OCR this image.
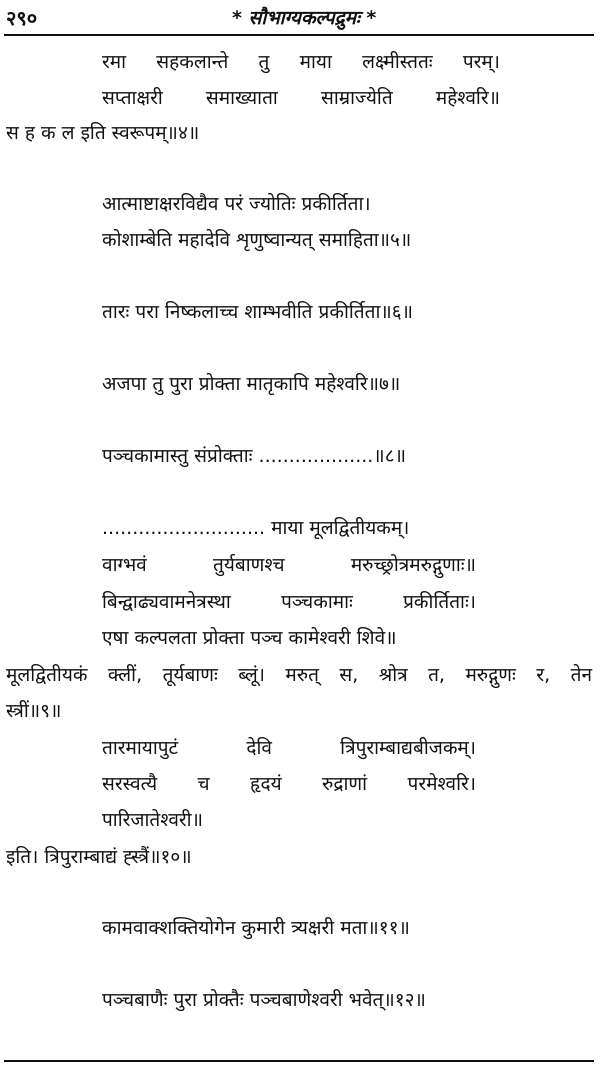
२९०	* सौभाग्यकल्पद्रुमः *
रमा सहकलान्ते तु माया लक्ष्मीस्ततः परम्।
सप्ताक्षरी समाख्याता साम्राज्येति महेश्वरि॥
स ह क ल इति स्वरूपम्॥४॥
आत्माष्टाक्षरविद्यैव परं ज्योतिः प्रकीर्तिता।
कोशाम्बेति महादेवि शृणुष्वान्यत् समाहिता॥५॥
तारः परा निष्कलाच्च शाम्भवीति प्रकीर्तिता॥६॥
अजपा तु पुरा प्रोक्ता मातृकापि महेश्वरि॥७॥
पञ्चकामास्तु संप्रोक्ताः ...................॥८॥
........................... माया मूलद्वितीयकम्।
वाग्भवं तुर्यबाणश्च मरुच्छ्रोत्रमरुद्गुणाः॥
बिन्द्वाढ्यवामनेत्रस्था पञ्चकामाः प्रकीर्तिताः।
एषा कल्पलता प्रोक्ता पञ्च कामेश्वरी शिवे॥
मूलद्वितीयकं क्लीं, तूर्यबाणः ब्लूं। मरुत् स, श्रोत्र त, मरुद्गुणः र, तेन
स्त्रीं॥९॥
तारमायापुटं देवि त्रिपुराम्बाद्यबीजकम्।
सरस्वत्यै च हृदयं रुद्राणां परमेश्वरि।
पारिजातेश्वरी॥
इति। त्रिपुराम्बाद्यं ह्स्त्रैं॥१०॥
कामवाक्शक्तियोगेन कुमारी त्र्यक्षरी मता॥११॥
पञ्चबाणैः पुरा प्रोक्तैः पञ्चबाणेश्वरी भवेत्॥१२॥
